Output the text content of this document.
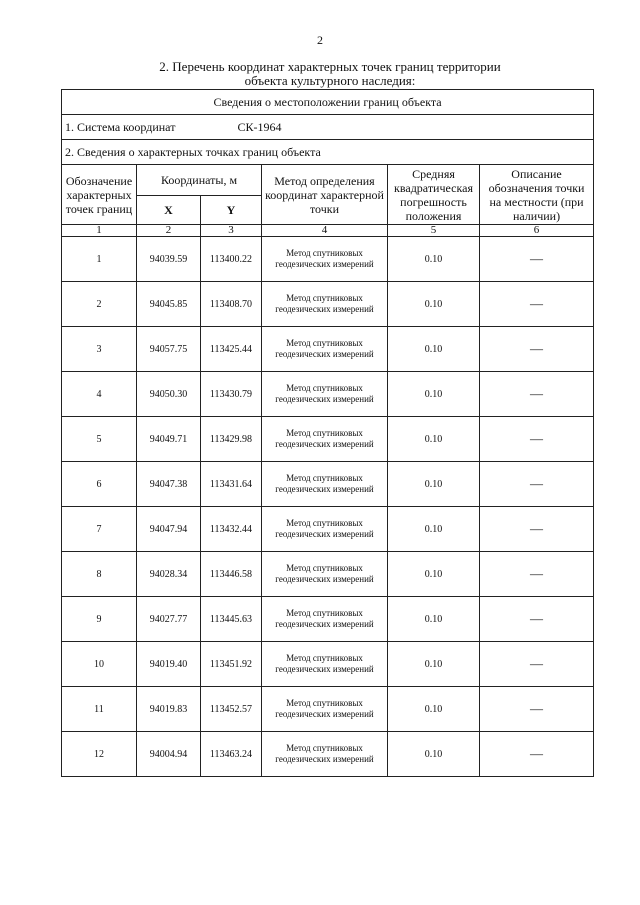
2
2. Перечень координат характерных точек границ территории
объекта культурного наследия:
Сведения о местоположении границ объекта					
1. Система координат СК-1964					
2. Сведения о характерных точках границ объекта					
Обозначение характерных точек границ	Координаты, м		Метод определения координат характерной точки	Средняя квадратическая погрешность положения	Описание обозначения точки на местности (при наличии)
	X	Y			
1	2	3	4	5	6
1	94039.59	113400.22	Метод спутниковых геодезических измерений	0.10	—
2	94045.85	113408.70	Метод спутниковых геодезических измерений	0.10	—
3	94057.75	113425.44	Метод спутниковых геодезических измерений	0.10	—
4	94050.30	113430.79	Метод спутниковых геодезических измерений	0.10	—
5	94049.71	113429.98	Метод спутниковых геодезических измерений	0.10	—
6	94047.38	113431.64	Метод спутниковых геодезических измерений	0.10	—
7	94047.94	113432.44	Метод спутниковых геодезических измерений	0.10	—
8	94028.34	113446.58	Метод спутниковых геодезических измерений	0.10	—
9	94027.77	113445.63	Метод спутниковых геодезических измерений	0.10	—
10	94019.40	113451.92	Метод спутниковых геодезических измерений	0.10	—
11	94019.83	113452.57	Метод спутниковых геодезических измерений	0.10	—
12	94004.94	113463.24	Метод спутниковых геодезических измерений	0.10	—
